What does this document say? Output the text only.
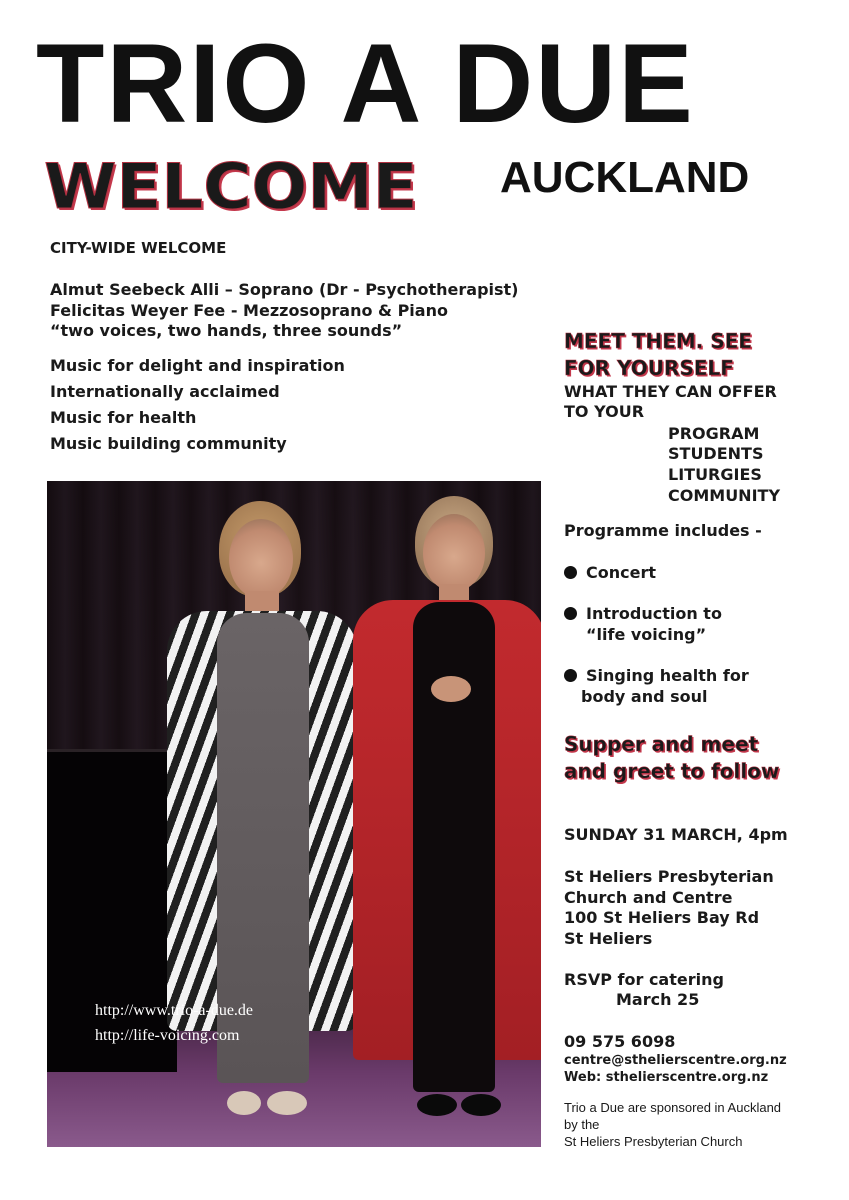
TRIO A DUE
WELCOME AUCKLAND
CITY-WIDE WELCOME
Almut Seebeck Alli – Soprano (Dr - Psychotherapist)
Felicitas Weyer Fee - Mezzosoprano & Piano
“two voices, two hands, three sounds”
Music for delight and inspiration
Internationally acclaimed
Music for health
Music building community
http://www.trio-a-due.de
http://life-voicing.com
MEET THEM. SEE
FOR YOURSELF
WHAT THEY CAN OFFER
TO YOUR
PROGRAM
STUDENTS
LITURGIES
COMMUNITY
Programme includes -
Concert
Introduction to
“life voicing”
Singing health for
body and soul
Supper and meet
and greet to follow
SUNDAY 31 MARCH, 4pm
St Heliers Presbyterian
Church and Centre
100 St Heliers Bay Rd
St Heliers
RSVP for catering
March 25
09 575 6098
centre@sthelierscentre.org.nz
Web: sthelierscentre.org.nz
Trio a Due are sponsored in Auckland
by the
St Heliers Presbyterian Church
